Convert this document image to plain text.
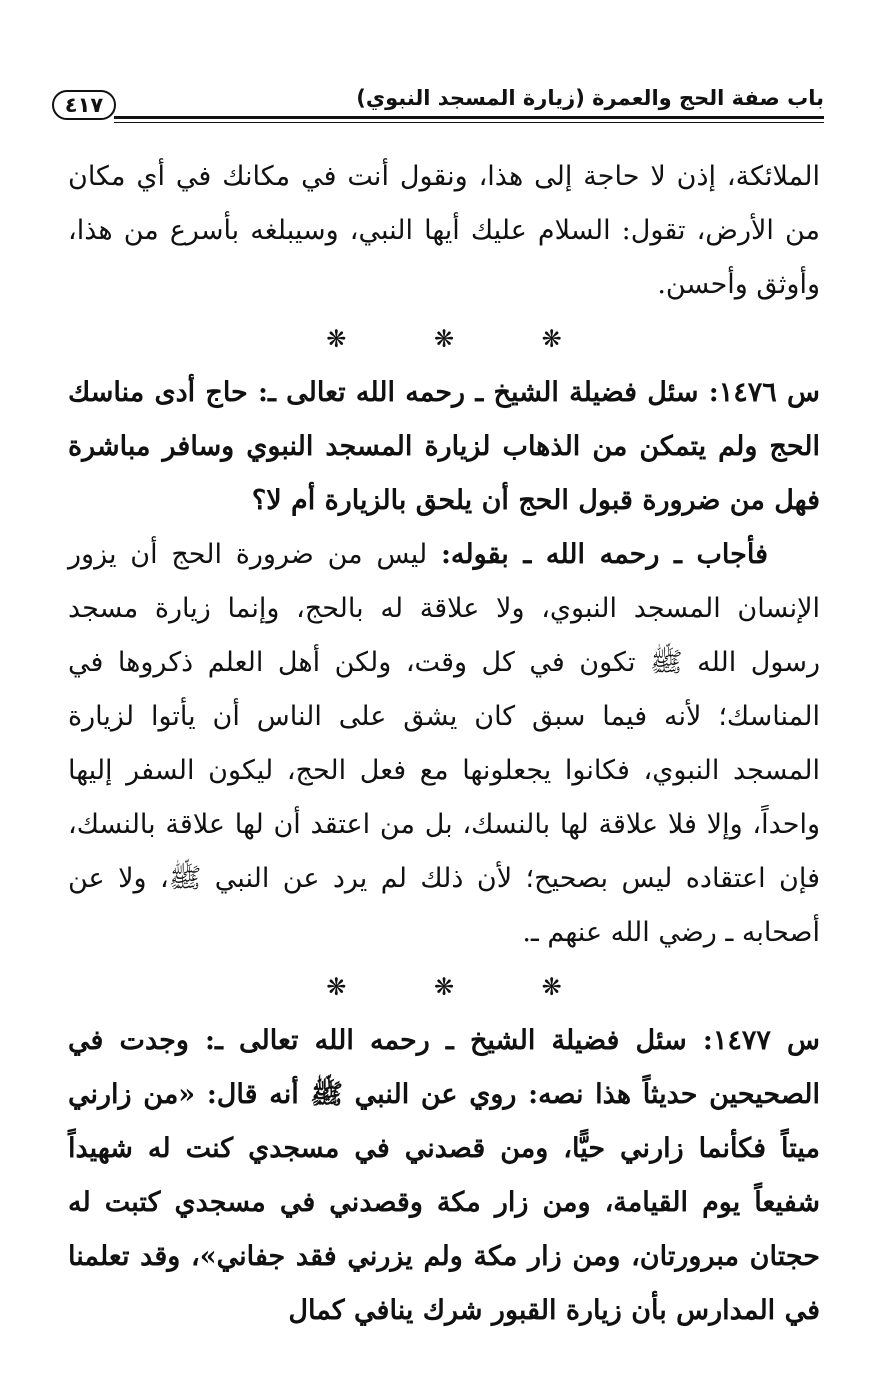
٤١٧	باب صفة الحج والعمرة (زيارة المسجد النبوي)

الملائكة، إذن لا حاجة إلى هذا، ونقول أنت في مكانك في أي مكان من الأرض، تقول: السلام عليك أيها النبي، وسيبلغه بأسرع من هذا، وأوثق وأحسن.

❋ ❋ ❋

س ١٤٧٦: سئل فضيلة الشيخ ـ رحمه الله تعالى ـ: حاج أدى مناسك الحج ولم يتمكن من الذهاب لزيارة المسجد النبوي وسافر مباشرة فهل من ضرورة قبول الحج أن يلحق بالزيارة أم لا؟

فأجاب ـ رحمه الله ـ بقوله: ليس من ضرورة الحج أن يزور الإنسان المسجد النبوي، ولا علاقة له بالحج، وإنما زيارة مسجد رسول الله ﷺ تكون في كل وقت، ولكن أهل العلم ذكروها في المناسك؛ لأنه فيما سبق كان يشق على الناس أن يأتوا لزيارة المسجد النبوي، فكانوا يجعلونها مع فعل الحج، ليكون السفر إليها واحداً، وإلا فلا علاقة لها بالنسك، بل من اعتقد أن لها علاقة بالنسك، فإن اعتقاده ليس بصحيح؛ لأن ذلك لم يرد عن النبي ﷺ، ولا عن أصحابه ـ رضي الله عنهم ـ.

❋ ❋ ❋

س ١٤٧٧: سئل فضيلة الشيخ ـ رحمه الله تعالى ـ: وجدت في الصحيحين حديثاً هذا نصه: روي عن النبي ﷺ أنه قال: «من زارني ميتاً فكأنما زارني حيًّا، ومن قصدني في مسجدي كنت له شهيداً شفيعاً يوم القيامة، ومن زار مكة وقصدني في مسجدي كتبت له حجتان مبرورتان، ومن زار مكة ولم يزرني فقد جفاني»، وقد تعلمنا في المدارس بأن زيارة القبور شرك ينافي كمال
